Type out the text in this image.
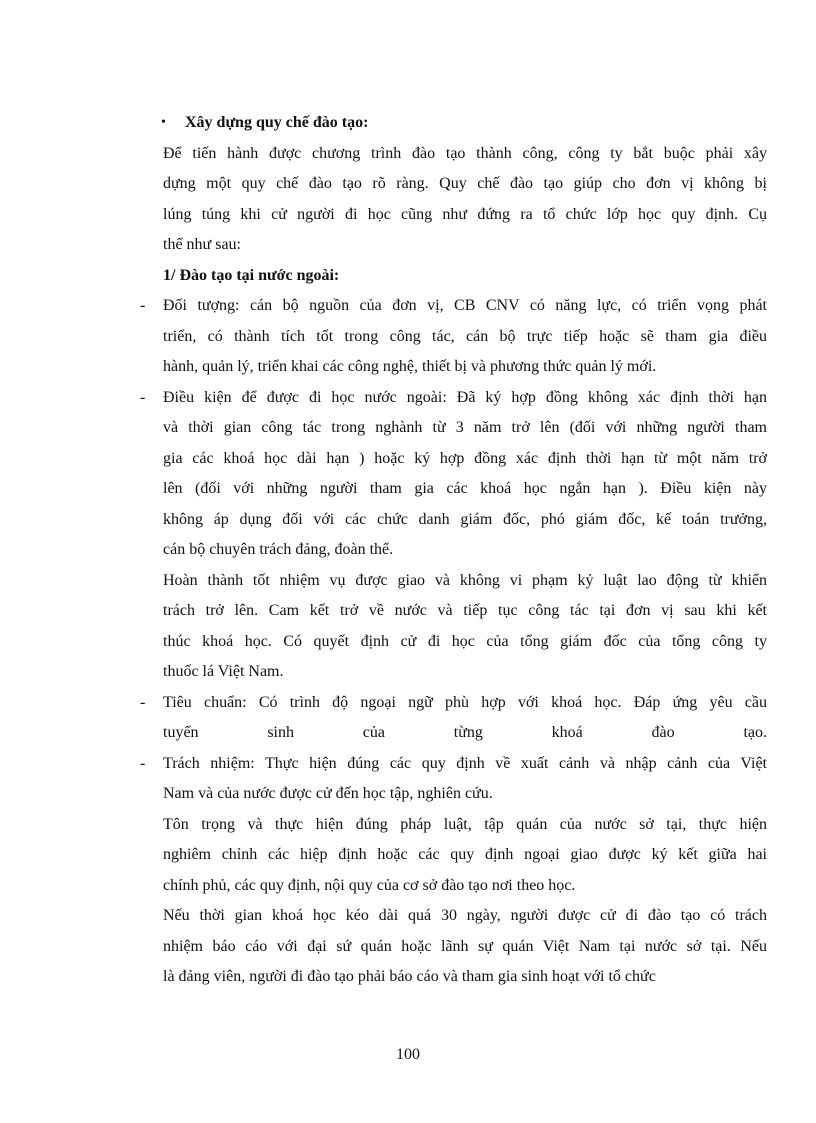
• Xây dựng quy chế đào tạo:
Để tiến hành được chương trình đào tạo thành công, công ty bắt buộc phải xây
dựng một quy chế đào tạo rõ ràng. Quy chế đào tạo giúp cho đơn vị không bị
lúng túng khi cử người đi học cũng như đứng ra tổ chức lớp học quy định. Cụ
thể như sau:
1/ Đào tạo tại nước ngoài:
- Đối tượng: cán bộ nguồn của đơn vị, CB CNV có năng lực, có triển vọng phát
triển, có thành tích tốt trong công tác, cán bộ trực tiếp hoặc sẽ tham gia điều
hành, quản lý, triển khai các công nghệ, thiết bị và phương thức quản lý mới.
- Điều kiện để được đi học nước ngoài: Đã ký hợp đồng không xác định thời hạn
và thời gian công tác trong nghành từ 3 năm trở lên (đối với những người tham
gia các khoá học dài hạn ) hoặc ký hợp đồng xác định thời hạn từ một năm trở
lên (đối với những người tham gia các khoá học ngắn hạn ). Điều kiện này
không áp dụng đối với các chức danh giám đốc, phó giám đốc, kế toán trưởng,
cán bộ chuyên trách đảng, đoàn thể.
Hoàn thành tốt nhiệm vụ được giao và không vi phạm kỷ luật lao động từ khiển
trách trở lên. Cam kết trở về nước và tiếp tục công tác tại đơn vị sau khi kết
thúc khoá học. Có quyết định cử đi học của tổng giám đốc của tổng công ty
thuốc lá Việt Nam.
- Tiêu chuẩn: Có trình độ ngoại ngữ phù hợp với khoá học. Đáp ứng yêu cầu
tuyển sinh của từng khoá đào tạo.
- Trách nhiệm: Thực hiện đúng các quy định về xuất cảnh và nhập cảnh của Việt
Nam và của nước được cử đến học tập, nghiên cứu.
Tôn trọng và thực hiện đúng pháp luật, tập quán của nước sở tại, thực hiện
nghiêm chỉnh các hiệp định hoặc các quy định ngoại giao được ký kết giữa hai
chính phủ, các quy định, nội quy của cơ sở đào tạo nơi theo học.
Nếu thời gian khoá học kéo dài quá 30 ngày, người được cử đi đào tạo có trách
nhiệm báo cáo với đại sứ quán hoặc lãnh sự quán Việt Nam tại nước sở tại. Nếu
là đảng viên, người đi đào tạo phải báo cáo và tham gia sinh hoạt với tổ chức
100
